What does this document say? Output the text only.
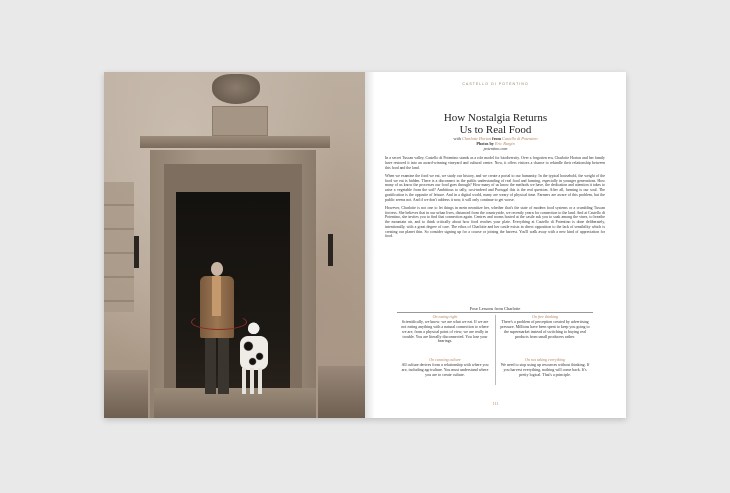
CASTELLO DI POTENTINO
How Nostalgia Returns
Us to Real Food
with Charlotte Horton from Castello di Potentino
Photos by Eric Burgin
potentino.com

In a secret Tuscan valley, Castello di Potentino stands as a role model for biodiversity. Over a forgotten era, Charlotte Horton and her family have restored it into an award-winning vineyard and cultural centre. Now, it offers visitors a chance to rekindle their relationship between this food and the land.

When we examine the food we eat, we study our history, and we create a portal to our humanity. In the typical household, the weight of the food we eat is hidden. There is a disconnect in the public understanding of real food and farming, especially in younger generations. How many of us know the processes our food goes through? How many of us know the methods we have, the dedication and attention it takes to raise a vegetable from the soil? Ambitious to tally, cost-indeed and Portugal this is the real question. After all, farming is our soul. The gratification is the opposite of leisure. And in a digital world, many are weary of physical time. Farmers are aware of this problem, but the public seems not. And if we don't address it now, it will only continue to get worse.

However, Charlotte is not one to let things in mein neonitize her, whether that's the state of modern food systems or a crumbling Tuscan fortress. She believes that in our urban lives, distanced from the countryside, we recently yearn for connection to the land. And at Castello di Potentino, she invites you to find that connection again. Centres and rooms hosted at the castle ask you to soak among the vines, to breathe the mountain air, and to think critically about how food reaches your plate. Everything at Castello di Potentino is done deliberately, intentionally, with a great degree of care. The ethos of Charlotte and her castle exists in direct opposition to the lack of sensibility which is creating our planet thin. So consider signing up for a course or joining the harvest. You'll walk away with a new kind of appreciation for food.

Four Lessons from Charlotte
On eating right
Scientifically, we know: we are what we eat. If we are not eating anything with a natural connection to where we are, from a physical point of view, we are really in trouble. You are literally disconnected. You lose your bearings.
On free thinking
There's a problem of perception created by advertising pressure. Millions have been spent to keep you going to the supermarket instead of switching to buying real products from small producers rather.
On curating culture
All culture derives from a relationship with where you are, including agriculture. You must understand where you are to create culture.
On not taking everything
We need to stop using up resources without thinking. If you harvest everything, nothing will come back. It's pretty logical. That's a principle.
111
